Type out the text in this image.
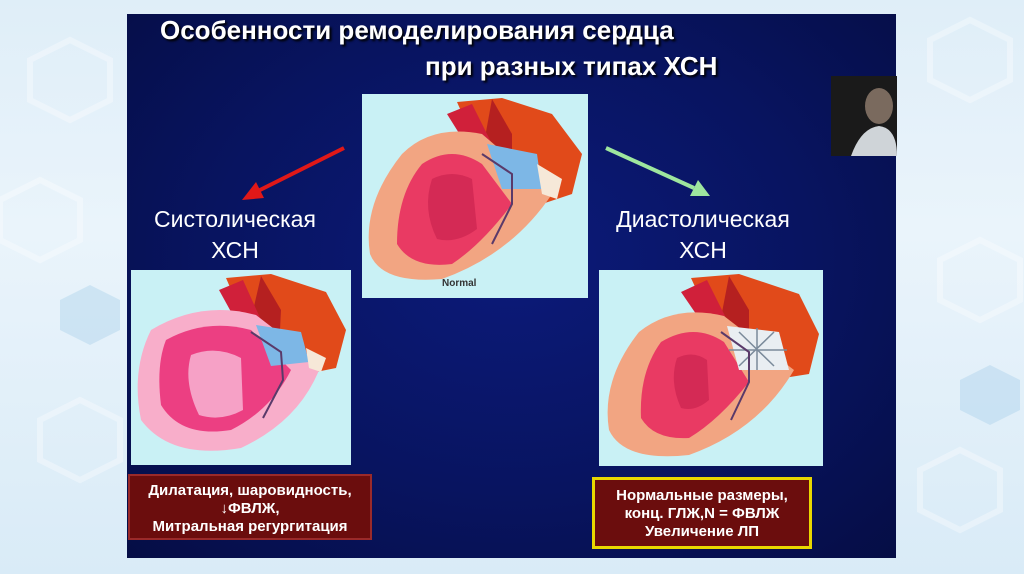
Особенности ремоделирования сердца
при разных типах ХСН
Normal
Систолическая
ХСН
Диастолическая
ХСН
Дилатация, шаровидность,
↓ФВЛЖ,
Митральная регургитация
Нормальные размеры,
конц. ГЛЖ,N = ФВЛЖ
Увеличение ЛП
